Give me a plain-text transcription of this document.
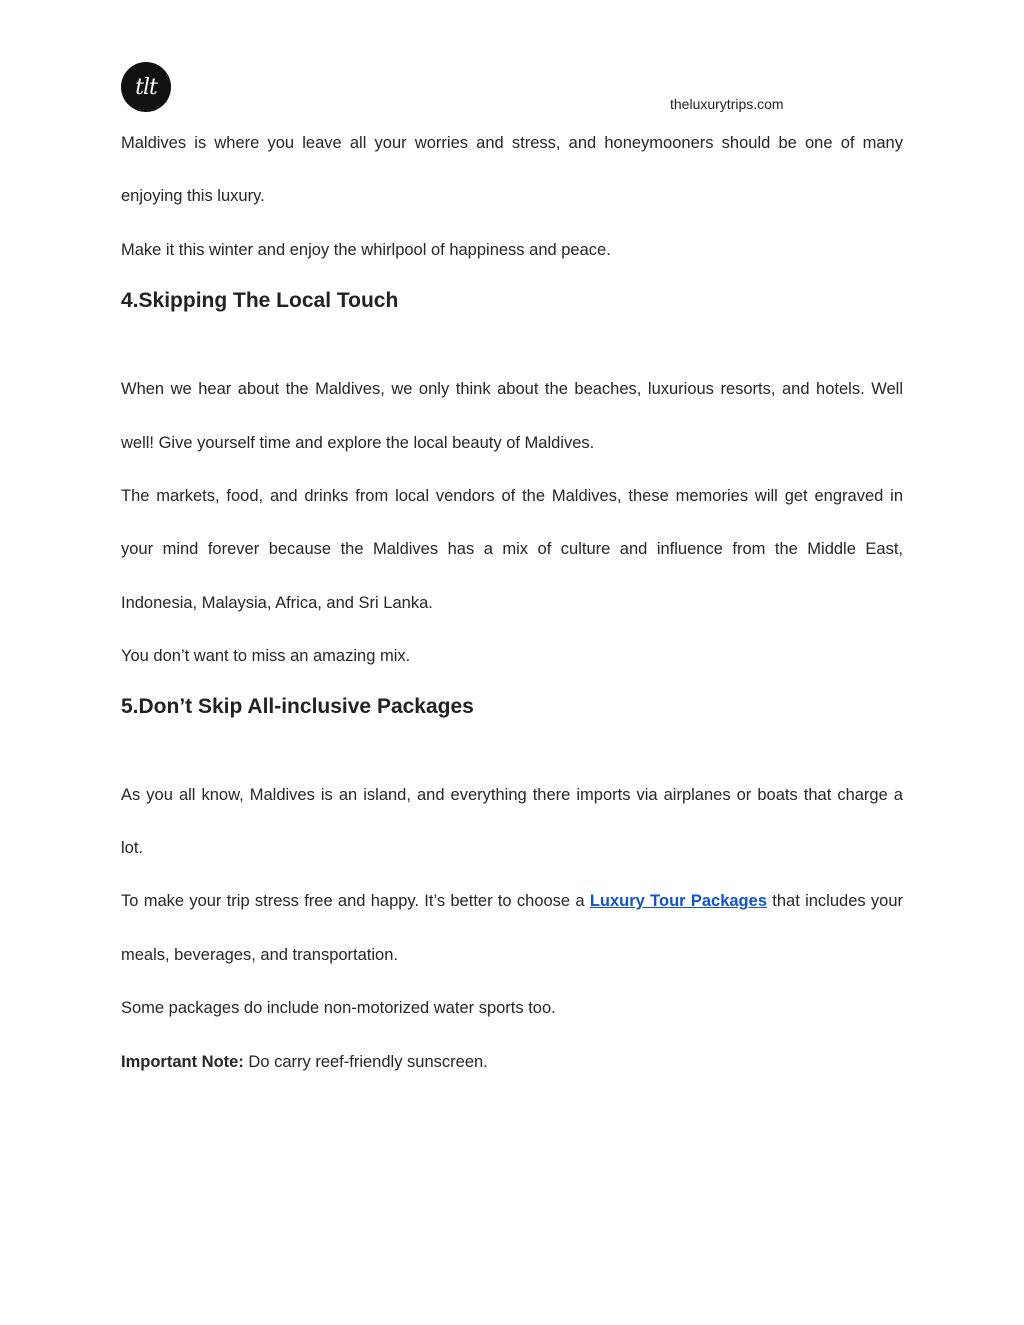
tlt
theluxurytrips.com

Maldives is where you leave all your worries and stress, and honeymooners should be one of many enjoying this luxury.

Make it this winter and enjoy the whirlpool of happiness and peace.

4.Skipping The Local Touch

When we hear about the Maldives, we only think about the beaches, luxurious resorts, and hotels. Well well! Give yourself time and explore the local beauty of Maldives.

The markets, food, and drinks from local vendors of the Maldives, these memories will get engraved in your mind forever because the Maldives has a mix of culture and influence from the Middle East, Indonesia, Malaysia, Africa, and Sri Lanka.

You don’t want to miss an amazing mix.

5.Don’t Skip All-inclusive Packages

As you all know, Maldives is an island, and everything there imports via airplanes or boats that charge a lot.

To make your trip stress free and happy. It’s better to choose a Luxury Tour Packages that includes your meals, beverages, and transportation.

Some packages do include non-motorized water sports too.

Important Note: Do carry reef-friendly sunscreen.
